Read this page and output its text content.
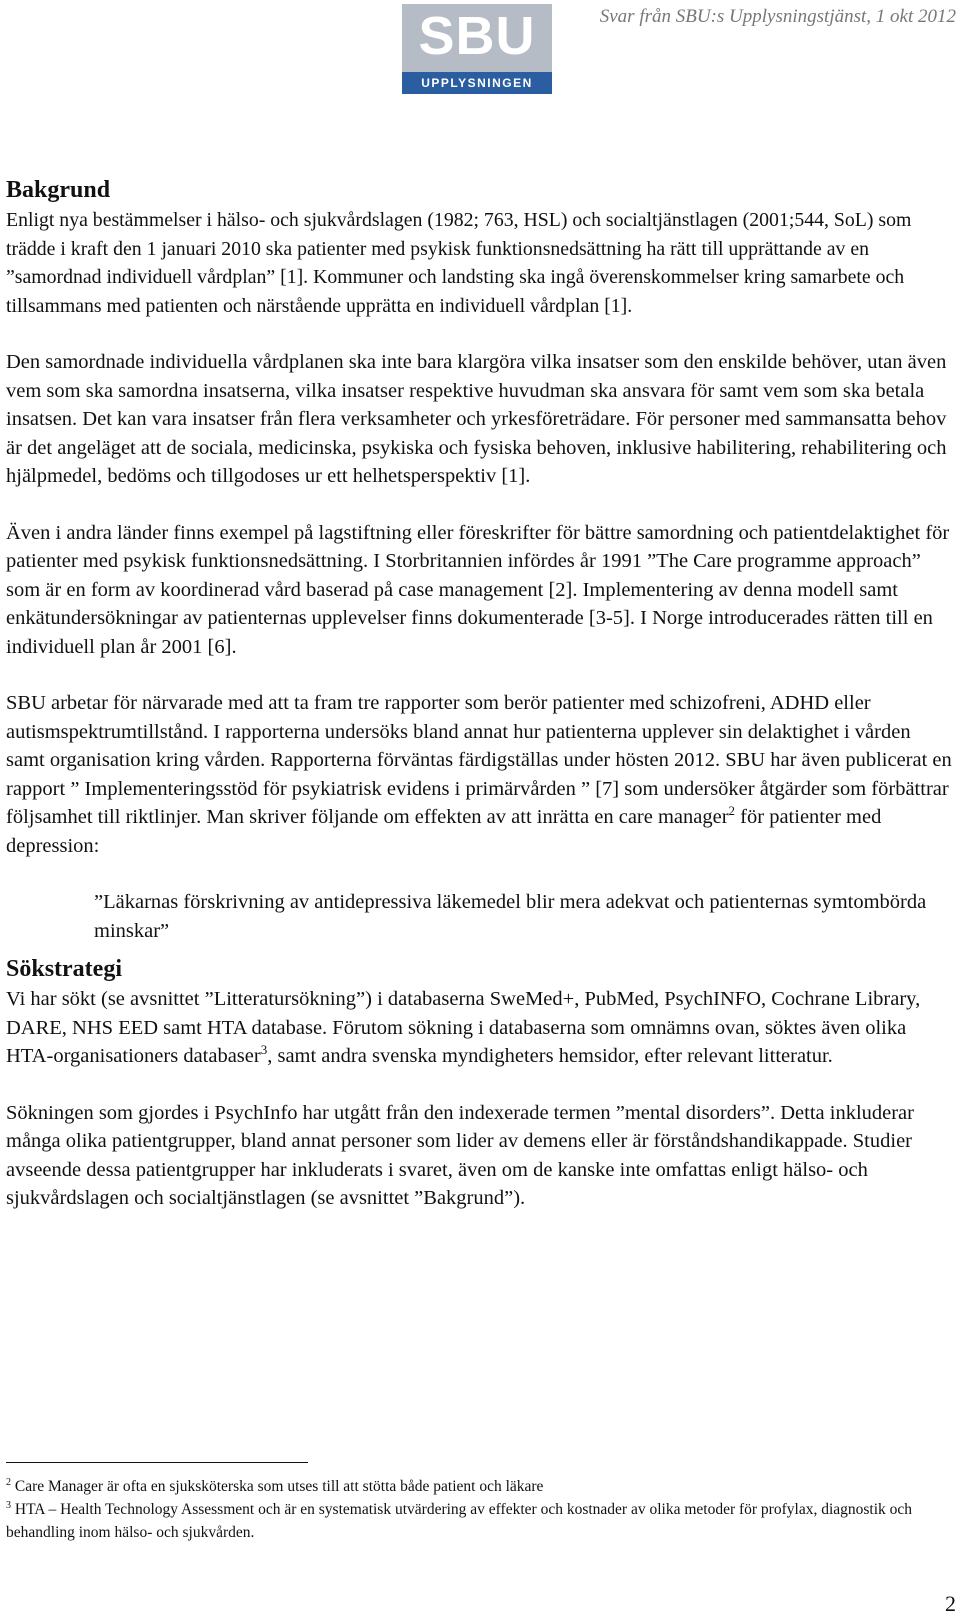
SBU
UPPLYSNINGEN
Svar från SBU:s Upplysningstjänst, 1 okt 2012
Bakgrund

Enligt nya bestämmelser i hälso- och sjukvårdslagen (1982; 763, HSL) och socialtjänstlagen (2001;544, SoL) som trädde i kraft den 1 januari 2010 ska patienter med psykisk funktionsnedsättning ha rätt till upprättande av en ”samordnad individuell vårdplan” [1]. Kommuner och landsting ska ingå överenskommelser kring samarbete och tillsammans med patienten och närstående upprätta en individuell vårdplan [1].

Den samordnade individuella vårdplanen ska inte bara klargöra vilka insatser som den enskilde behöver, utan även vem som ska samordna insatserna, vilka insatser respektive huvudman ska ansvara för samt vem som ska betala insatsen. Det kan vara insatser från flera verksamheter och yrkesföreträdare. För personer med sammansatta behov är det angeläget att de sociala, medicinska, psykiska och fysiska behoven, inklusive habilitering, rehabilitering och hjälpmedel, bedöms och tillgodoses ur ett helhetsperspektiv [1].

Även i andra länder finns exempel på lagstiftning eller föreskrifter för bättre samordning och patientdelaktighet för patienter med psykisk funktionsnedsättning. I Storbritannien infördes år 1991 ”The Care programme approach” som är en form av koordinerad vård baserad på case management [2]. Implementering av denna modell samt enkätundersökningar av patienternas upplevelser finns dokumenterade [3-5]. I Norge introducerades rätten till en individuell plan år 2001 [6].

SBU arbetar för närvarade med att ta fram tre rapporter som berör patienter med schizofreni, ADHD eller autismspektrumtillstånd. I rapporterna undersöks bland annat hur patienterna upplever sin delaktighet i vården samt organisation kring vården. Rapporterna förväntas färdigställas under hösten 2012. SBU har även publicerat en rapport ” Implementeringsstöd för psykiatrisk evidens i primärvården ” [7] som undersöker åtgärder som förbättrar följsamhet till riktlinjer. Man skriver följande om effekten av att inrätta en care manager$^2$ för patienter med depression:

”Läkarnas förskrivning av antidepressiva läkemedel blir mera adekvat och patienternas symtombörda minskar”
Sökstrategi

Vi har sökt (se avsnittet ”Litteratursökning”) i databaserna SweMed+, PubMed, PsychINFO, Cochrane Library, DARE, NHS EED samt HTA database. Förutom sökning i databaserna som omnämns ovan, söktes även olika HTA-organisationers databaser$^3$, samt andra svenska myndigheters hemsidor, efter relevant litteratur.

Sökningen som gjordes i PsychInfo har utgått från den indexerade termen ”mental disorders”. Detta inkluderar många olika patientgrupper, bland annat personer som lider av demens eller är förståndshandikappade. Studier avseende dessa patientgrupper har inkluderats i svaret, även om de kanske inte omfattas enligt hälso- och sjukvårdslagen och socialtjänstlagen (se avsnittet ”Bakgrund”).

$^2$ Care Manager är ofta en sjuksköterska som utses till att stötta både patient och läkare

$^3$ HTA – Health Technology Assessment och är en systematisk utvärdering av effekter och kostnader av olika metoder för profylax, diagnostik och behandling inom hälso- och sjukvården.

2
